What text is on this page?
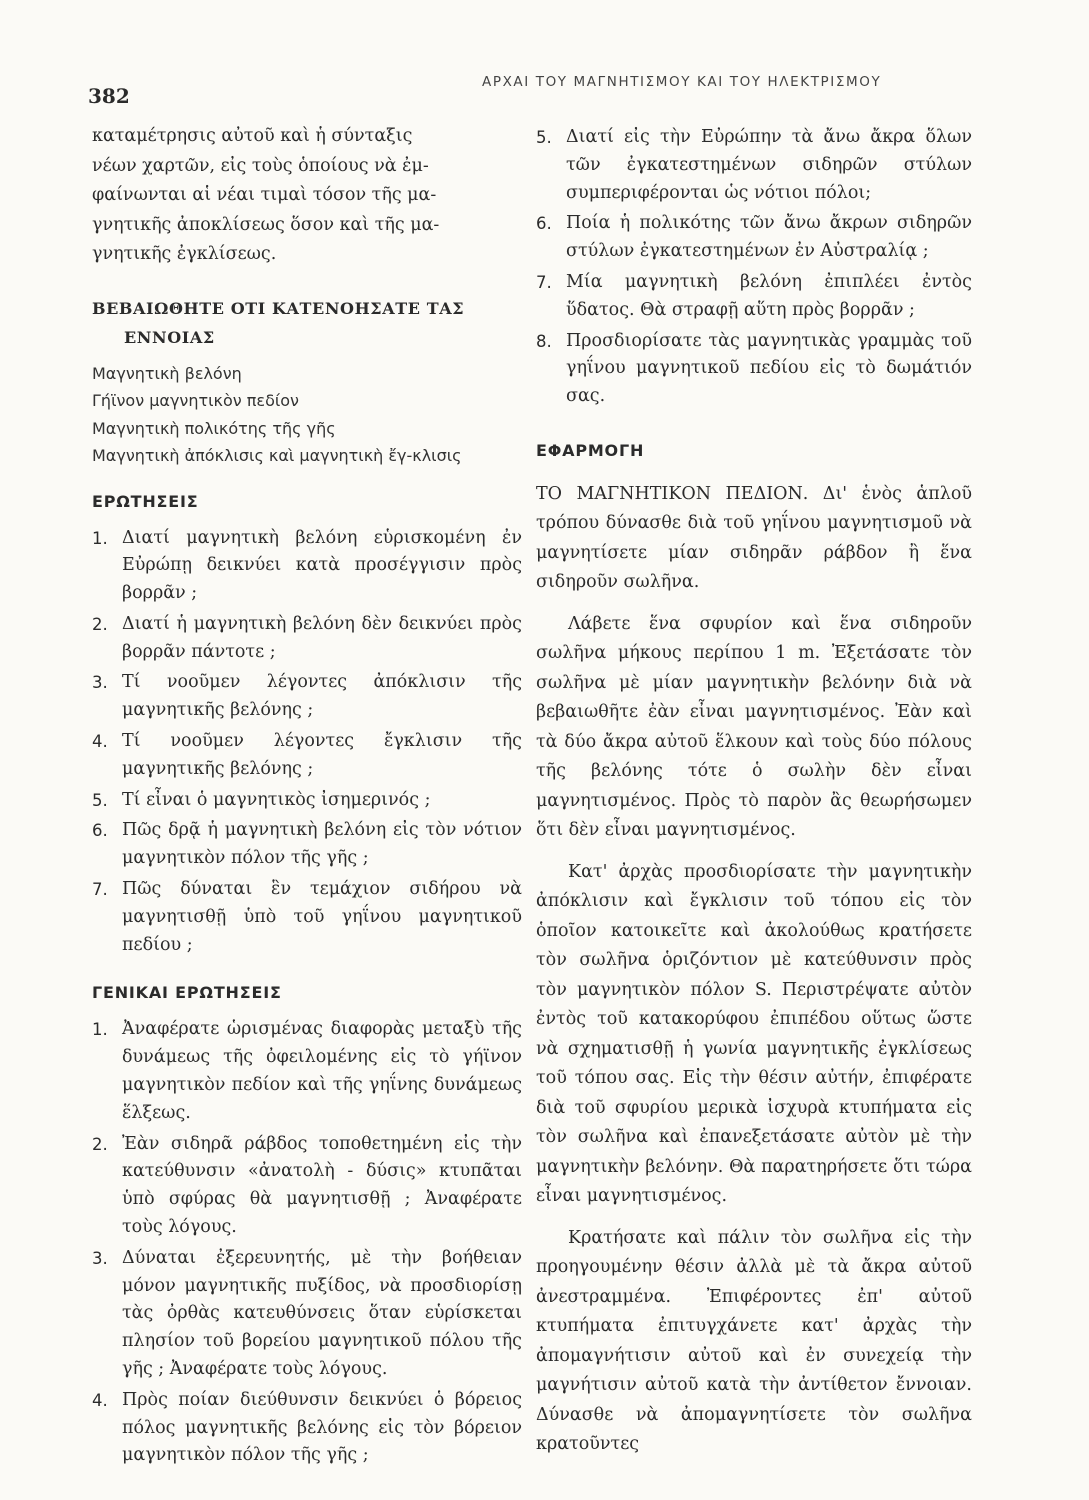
382
ΑΡΧΑΙ ΤΟΥ ΜΑΓΝΗΤΙΣΜΟΥ ΚΑΙ ΤΟΥ ΗΛΕΚΤΡΙΣΜΟΥ

καταμέτρησις αὐτοῦ καὶ ἡ σύνταξις

νέων χαρτῶν, εἰς τοὺς ὁποίους νὰ ἐμ-

φαίνωνται αἱ νέαι τιμαὶ τόσον τῆς μα-

γνητικῆς ἀποκλίσεως ὅσον καὶ τῆς μα-

γνητικῆς ἐγκλίσεως.

ΒΕΒΑΙΩΘΗΤΕ ΟΤΙ ΚΑΤΕΝΟΗΣΑΤΕ ΤΑΣ
ΕΝΝΟΙΑΣ
Μαγνητικὴ βελόνη
Γήϊνον μαγνητικὸν πεδίον
Μαγνητικὴ πολικότης τῆς γῆς
Μαγνητικὴ ἀπόκλισις καὶ μαγνητικὴ ἔγ-κλισις
ΕΡΩΤΗΣΕΙΣ
1. Διατί μαγνητικὴ βελόνη εὑρισκομένη ἐν Εὐρώπῃ δεικνύει κατὰ προσέγγισιν πρὸς βορρᾶν ;
2. Διατί ἡ μαγνητικὴ βελόνη δὲν δεικνύει πρὸς βορρᾶν πάντοτε ;
3. Τί νοοῦμεν λέγοντες ἀπόκλισιν τῆς μαγνητικῆς βελόνης ;
4. Τί νοοῦμεν λέγοντες ἔγκλισιν τῆς μαγνητικῆς βελόνης ;
5. Τί εἶναι ὁ μαγνητικὸς ἰσημερινός ;
6. Πῶς δρᾷ ἡ μαγνητικὴ βελόνη εἰς τὸν νότιον μαγνητικὸν πόλον τῆς γῆς ;
7. Πῶς δύναται ἓν τεμάχιον σιδήρου νὰ μαγνητισθῇ ὑπὸ τοῦ γηΐνου μαγνητικοῦ πεδίου ;
ΓΕΝΙΚΑΙ ΕΡΩΤΗΣΕΙΣ
1. Ἀναφέρατε ὡρισμένας διαφορὰς μεταξὺ τῆς δυνάμεως τῆς ὀφειλομένης εἰς τὸ γήϊνον μαγνητικὸν πεδίον καὶ τῆς γηΐνης δυνάμεως ἕλξεως.
2. Ἐὰν σιδηρᾶ ράβδος τοποθετημένη εἰς τὴν κατεύθυνσιν «ἀνατολὴ - δύσις» κτυπᾶται ὑπὸ σφύρας θὰ μαγνητισθῇ ; Ἀναφέρατε τοὺς λόγους.
3. Δύναται ἐξερευνητής, μὲ τὴν βοήθειαν μόνον μαγνητικῆς πυξίδος, νὰ προσδιορίσῃ τὰς ὀρθὰς κατευθύνσεις ὅταν εὑρίσκεται πλησίον τοῦ βορείου μαγνητικοῦ πόλου τῆς γῆς ; Ἀναφέρατε τοὺς λόγους.
4. Πρὸς ποίαν διεύθυνσιν δεικνύει ὁ βόρειος πόλος μαγνητικῆς βελόνης εἰς τὸν βόρειον μαγνητικὸν πόλον τῆς γῆς ;
5. Διατί εἰς τὴν Εὐρώπην τὰ ἄνω ἄκρα ὅλων τῶν ἐγκατεστημένων σιδηρῶν στύλων συμπεριφέρονται ὡς νότιοι πόλοι;
6. Ποία ἡ πολικότης τῶν ἄνω ἄκρων σιδηρῶν στύλων ἐγκατεστημένων ἐν Αὐστραλίᾳ ;
7. Μία μαγνητικὴ βελόνη ἐπιπλέει ἐντὸς ὕδατος. Θὰ στραφῇ αὕτη πρὸς βορρᾶν ;
8. Προσδιορίσατε τὰς μαγνητικὰς γραμμὰς τοῦ γηΐνου μαγνητικοῦ πεδίου εἰς τὸ δωμάτιόν σας.
ΕΦΑΡΜΟΓΗ

ΤΟ ΜΑΓΝΗΤΙΚΟΝ ΠΕΔΙΟΝ. Δι' ἑνὸς ἁπλοῦ τρόπου δύνασθε διὰ τοῦ γηΐνου μαγνητισμοῦ νὰ μαγνητίσετε μίαν σιδηρᾶν ράβδον ἢ ἕνα σιδηροῦν σωλῆνα.

Λάβετε ἕνα σφυρίον καὶ ἕνα σιδηροῦν σωλῆνα μήκους περίπου 1 m. Ἐξετάσατε τὸν σωλῆνα μὲ μίαν μαγνητικὴν βελόνην διὰ νὰ βεβαιωθῆτε ἐὰν εἶναι μαγνητισμένος. Ἐὰν καὶ τὰ δύο ἄκρα αὐτοῦ ἕλκουν καὶ τοὺς δύο πόλους τῆς βελόνης τότε ὁ σωλὴν δὲν εἶναι μαγνητισμένος. Πρὸς τὸ παρὸν ἂς θεωρήσωμεν ὅτι δὲν εἶναι μαγνητισμένος.

Κατ' ἀρχὰς προσδιορίσατε τὴν μαγνητικὴν ἀπόκλισιν καὶ ἔγκλισιν τοῦ τόπου εἰς τὸν ὁποῖον κατοικεῖτε καὶ ἀκολούθως κρατήσετε τὸν σωλῆνα ὁριζόντιον μὲ κατεύθυνσιν πρὸς τὸν μαγνητικὸν πόλον S. Περιστρέψατε αὐτὸν ἐντὸς τοῦ κατακορύφου ἐπιπέδου οὕτως ὥστε νὰ σχηματισθῇ ἡ γωνία μαγνητικῆς ἐγκλίσεως τοῦ τόπου σας. Εἰς τὴν θέσιν αὐτήν, ἐπιφέρατε διὰ τοῦ σφυρίου μερικὰ ἰσχυρὰ κτυπήματα εἰς τὸν σωλῆνα καὶ ἐπανεξετάσατε αὐτὸν μὲ τὴν μαγνητικὴν βελόνην. Θὰ παρατηρήσετε ὅτι τώρα εἶναι μαγνητισμένος.

Κρατήσατε καὶ πάλιν τὸν σωλῆνα εἰς τὴν προηγουμένην θέσιν ἀλλὰ μὲ τὰ ἄκρα αὐτοῦ ἀνεστραμμένα. Ἐπιφέροντες ἐπ' αὐτοῦ κτυπήματα ἐπιτυγχάνετε κατ' ἀρχὰς τὴν ἀπομαγνήτισιν αὐτοῦ καὶ ἐν συνεχείᾳ τὴν μαγνήτισιν αὐτοῦ κατὰ τὴν ἀντίθετον ἔννοιαν. Δύνασθε νὰ ἀπομαγνητίσετε τὸν σωλῆνα κρατοῦντες
